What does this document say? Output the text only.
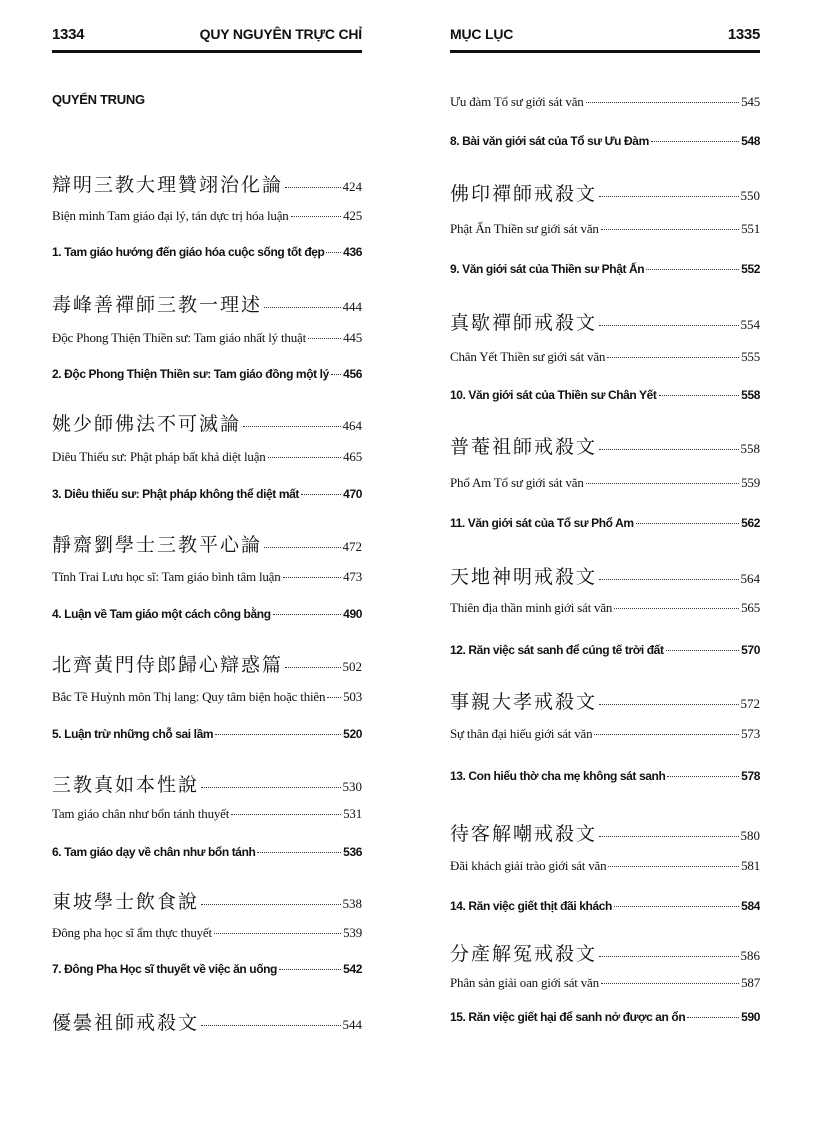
1334	QUY NGUYÊN TRỰC CHỈ
QUYỂN TRUNG
辯明三教大理贊翊治化論	424
Biện minh Tam giáo đại lý, tán dực trị hóa luận	425
1. Tam giáo hướng đến giáo hóa cuộc sống tốt đẹp 436
毒峰善禪師三教一理述	444
Độc Phong Thiện Thiền sư: Tam giáo nhất lý thuật	445
2. Độc Phong Thiện Thiền sư: Tam giáo đồng một lý 456
姚少師佛法不可滅論	464
Diêu Thiếu sư: Phật pháp bất khả diệt luận	465
3. Diêu thiếu sư: Phật pháp không thể diệt mất	470
靜齋劉學士三教平心論	472
Tĩnh Trai Lưu học sĩ: Tam giáo bình tâm luận	473
4. Luận về Tam giáo một cách công bằng	490
北齊黃門侍郎歸心辯惑篇	502
Bắc Tề Huỳnh môn Thị lang: Quy tâm biện hoặc thiên 503
5. Luận trừ những chỗ sai lầm	520
三教真如本性說	530
Tam giáo chân như bổn tánh thuyết	531
6. Tam giáo dạy về chân như bổn tánh	536
東坡學士飲食說	538
Đông pha học sĩ ẩm thực thuyết	539
7. Đông Pha Học sĩ thuyết về việc ăn uống	542
優曇祖師戒殺文	544
MỤC LỤC	1335
Ưu đàm Tổ sư giới sát văn	545
8. Bài văn giới sát của Tổ sư Ưu Đàm	548
佛印禪師戒殺文	550
Phật Ấn Thiền sư giới sát văn	551
9. Văn giới sát của Thiền sư Phật Ấn	552
真歇禪師戒殺文	554
Chân Yết Thiền sư giới sát văn	555
10. Văn giới sát của Thiền sư Chân Yết	558
普菴祖師戒殺文	558
Phổ Am Tổ sư giới sát văn	559
11. Văn giới sát của Tổ sư Phổ Am	562
天地神明戒殺文	564
Thiên địa thần minh giới sát văn	565
12. Răn việc sát sanh để cúng tế trời đất	570
事親大孝戒殺文	572
Sự thân đại hiếu giới sát văn	573
13. Con hiếu thờ cha mẹ không sát sanh	578
待客解嘲戒殺文	580
Đãi khách giải trào giới sát văn	581
14. Răn việc giết thịt đãi khách	584
分產解冤戒殺文	586
Phân sản giải oan giới sát văn	587
15. Răn việc giết hại để sanh nở được an ổn	590
